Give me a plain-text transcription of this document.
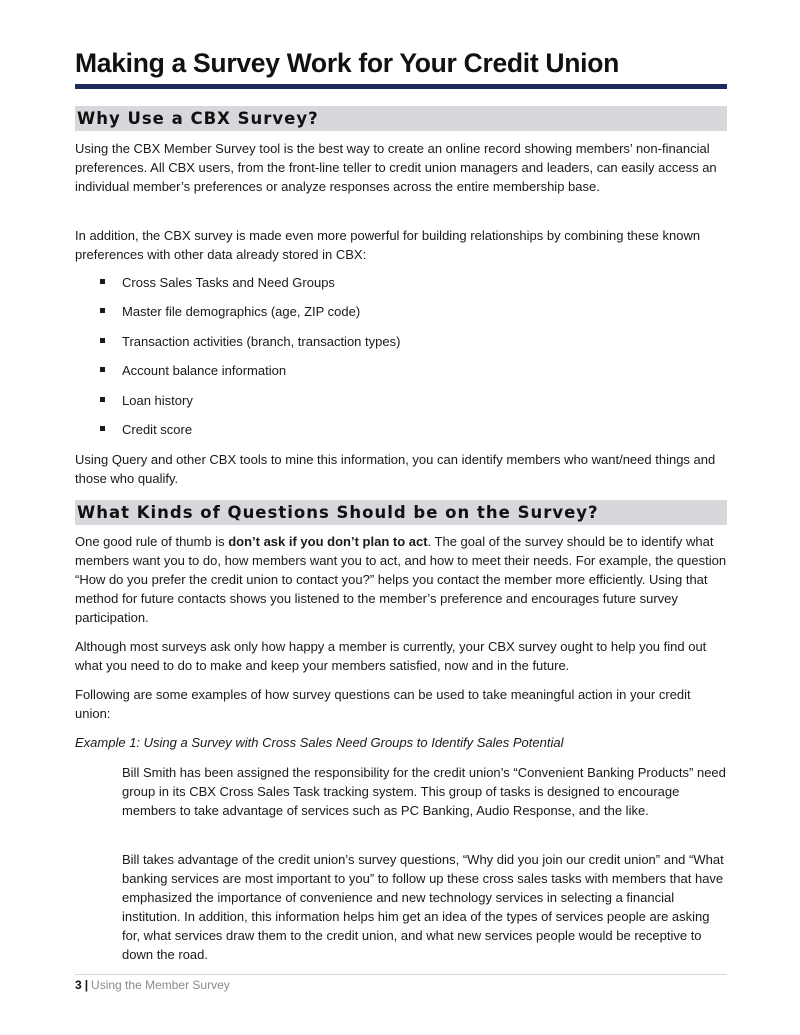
Making a Survey Work for Your Credit Union
Why Use a CBX Survey?

Using the CBX Member Survey tool is the best way to create an online record showing members’ non-financial preferences. All CBX users, from the front-line teller to credit union managers and leaders, can easily access an individual member’s preferences or analyze responses across the entire membership base.

In addition, the CBX survey is made even more powerful for building relationships by combining these known preferences with other data already stored in CBX:

Cross Sales Tasks and Need Groups
Master file demographics (age, ZIP code)
Transaction activities (branch, transaction types)
Account balance information
Loan history
Credit score

Using Query and other CBX tools to mine this information, you can identify members who want/need things and those who qualify.

What Kinds of Questions Should be on the Survey?

One good rule of thumb is don’t ask if you don’t plan to act. The goal of the survey should be to identify what members want you to do, how members want you to act, and how to meet their needs. For example, the question “How do you prefer the credit union to contact you?” helps you contact the member more efficiently. Using that method for future contacts shows you listened to the member’s preference and encourages future survey participation.

Although most surveys ask only how happy a member is currently, your CBX survey ought to help you find out what you need to do to make and keep your members satisfied, now and in the future.

Following are some examples of how survey questions can be used to take meaningful action in your credit union:

Example 1: Using a Survey with Cross Sales Need Groups to Identify Sales Potential

Bill Smith has been assigned the responsibility for the credit union’s “Convenient Banking Products” need group in its CBX Cross Sales Task tracking system. This group of tasks is designed to encourage members to take advantage of services such as PC Banking, Audio Response, and the like.

Bill takes advantage of the credit union’s survey questions, “Why did you join our credit union” and “What banking services are most important to you” to follow up these cross sales tasks with members that have emphasized the importance of convenience and new technology services in selecting a financial institution. In addition, this information helps him get an idea of the types of services people are asking for, what services draw them to the credit union, and what new services people would be receptive to down the road.

3 | Using the Member Survey
